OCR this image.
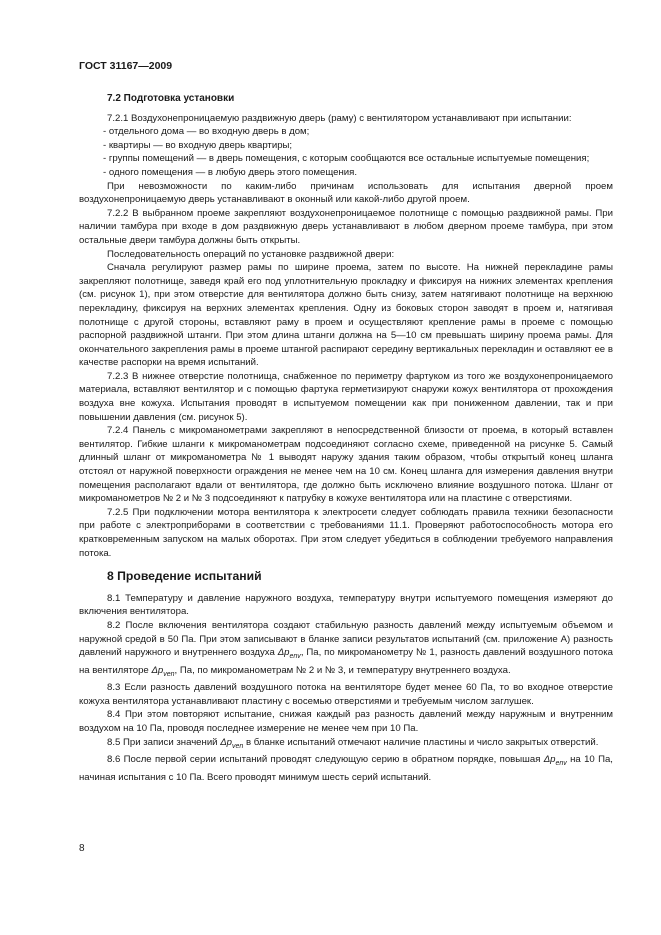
ГОСТ 31167—2009
7.2 Подготовка установки

7.2.1 Воздухонепроницаемую раздвижную дверь (раму) с вентилятором устанавливают при испытании:

- отдельного дома — во входную дверь в дом;

- квартиры — во входную дверь квартиры;

- группы помещений — в дверь помещения, с которым сообщаются все остальные испытуемые помещения;

- одного помещения — в любую дверь этого помещения.

При невозможности по каким-либо причинам использовать для испытания дверной проем воздухонепроницаемую дверь устанавливают в оконный или какой-либо другой проем.

7.2.2 В выбранном проеме закрепляют воздухонепроницаемое полотнище с помощью раздвижной рамы. При наличии тамбура при входе в дом раздвижную дверь устанавливают в любом дверном проеме тамбура, при этом остальные двери тамбура должны быть открыты.

Последовательность операций по установке раздвижной двери:

Сначала регулируют размер рамы по ширине проема, затем по высоте. На нижней перекладине рамы закрепляют полотнище, заведя край его под уплотнительную прокладку и фиксируя на нижних элементах крепления (см. рисунок 1), при этом отверстие для вентилятора должно быть снизу, затем натягивают полотнище на верхнюю перекладину, фиксируя на верхних элементах крепления. Одну из боковых сторон заводят в проем и, натягивая полотнище с другой стороны, вставляют раму в проем и осуществляют крепление рамы в проеме с помощью распорной раздвижной штанги. При этом длина штанги должна на 5—10 см превышать ширину проема рамы. Для окончательного закрепления рамы в проеме штангой распирают середину вертикальных перекладин и оставляют ее в качестве распорки на время испытаний.

7.2.3 В нижнее отверстие полотнища, снабженное по периметру фартуком из того же воздухонепроницаемого материала, вставляют вентилятор и с помощью фартука герметизируют снаружи кожух вентилятора от прохождения воздуха вне кожуха. Испытания проводят в испытуемом помещении как при пониженном давлении, так и при повышении давления (см. рисунок 5).

7.2.4 Панель с микроманометрами закрепляют в непосредственной близости от проема, в который вставлен вентилятор. Гибкие шланги к микроманометрам подсоединяют согласно схеме, приведенной на рисунке 5. Самый длинный шланг от микроманометра № 1 выводят наружу здания таким образом, чтобы открытый конец шланга отстоял от наружной поверхности ограждения не менее чем на 10 см. Конец шланга для измерения давления внутри помещения располагают вдали от вентилятора, где должно быть исключено влияние воздушного потока. Шланг от микроманометров № 2 и № 3 подсоединяют к патрубку в кожухе вентилятора или на пластине с отверстиями.

7.2.5 При подключении мотора вентилятора к электросети следует соблюдать правила техники безопасности при работе с электроприборами в соответствии с требованиями 11.1. Проверяют работоспособность мотора его кратковременным запуском на малых оборотах. При этом следует убедиться в соблюдении требуемого направления потока.

8 Проведение испытаний

8.1 Температуру и давление наружного воздуха, температуру внутри испытуемого помещения измеряют до включения вентилятора.

8.2 После включения вентилятора создают стабильную разность давлений между испытуемым объемом и наружной средой в 50 Па. При этом записывают в бланке записи результатов испытаний (см. приложение А) разность давлений наружного и внутреннего воздуха $\Delta p_{env}$, Па, по микроманометру № 1, разность давлений воздушного потока на вентиляторе $\Delta p_{ven}$, Па, по микроманометрам № 2 и № 3, и температуру внутреннего воздуха.

8.3 Если разность давлений воздушного потока на вентиляторе будет менее 60 Па, то во входное отверстие кожуха вентилятора устанавливают пластину с восемью отверстиями и требуемым числом заглушек.

8.4 При этом повторяют испытание, снижая каждый раз разность давлений между наружным и внутренним воздухом на 10 Па, проводя последнее измерение не менее чем при 10 Па.

8.5 При записи значений $\Delta p_{ven}$ в бланке испытаний отмечают наличие пластины и число закрытых отверстий.

8.6 После первой серии испытаний проводят следующую серию в обратном порядке, повышая $\Delta p_{env}$ на 10 Па, начиная испытания с 10 Па. Всего проводят минимум шесть серий испытаний.

8
